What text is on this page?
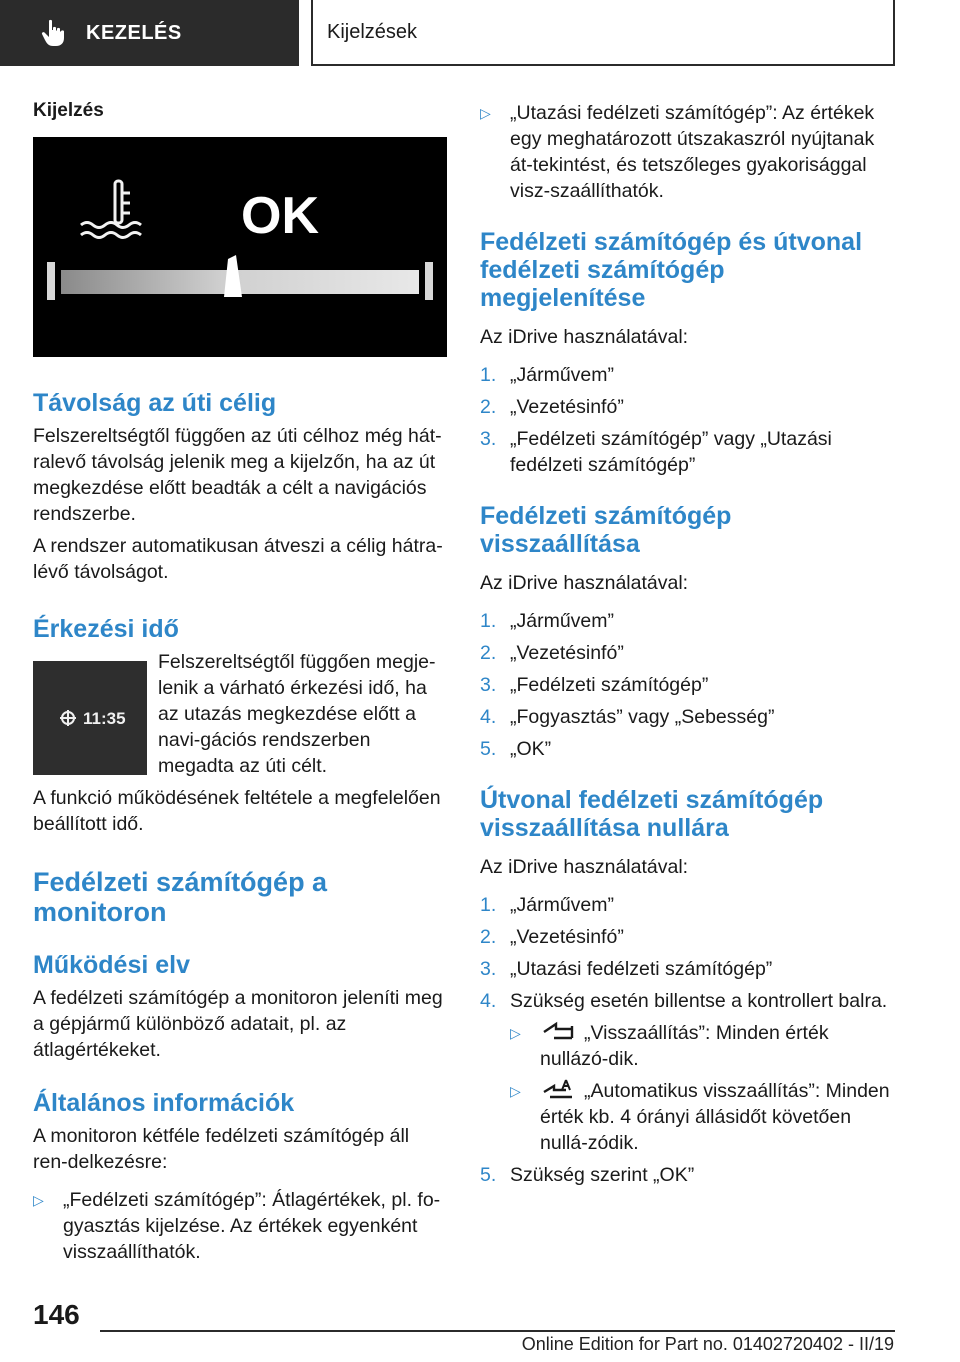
KEZELÉS	Kijelzések
Kijelzés
OK
Távolság az úti célig

Felszereltségtől függően az úti célhoz még hát-ralevő távolság jelenik meg a kijelzőn, ha az út megkezdése előtt beadták a célt a navigációs rendszerbe.

A rendszer automatikusan átveszi a célig hátra-lévő távolságot.

Érkezési idő
11:35

Felszereltségtől függően megje-lenik a várható érkezési idő, ha az utazás megkezdése előtt a navi-gációs rendszerben megadta az úti célt.

A funkció működésének feltétele a megfelelően beállított idő.

Fedélzeti számítógép a monitoron
Működési elv

A fedélzeti számítógép a monitoron jeleníti meg a gépjármű különböző adatait, pl. az átlagértékeket.

Általános információk

A monitoron kétféle fedélzeti számítógép áll ren-delkezésre:

▷ „Fedélzeti számítógép”: Átlagértékek, pl. fo-gyasztás kijelzése. Az értékek egyenként visszaállíthatók.
▷ „Utazási fedélzeti számítógép”: Az értékek egy meghatározott útszakaszról nyújtanak át-tekintést, és tetszőleges gyakorisággal visz-szaállíthatók.
Fedélzeti számítógép és útvonal fedélzeti számítógép megjelenítése

Az iDrive használatával:

1. „Járművem”
2. „Vezetésinfó”
3. „Fedélzeti számítógép” vagy „Utazási fedélzeti számítógép”
Fedélzeti számítógép visszaállítása

Az iDrive használatával:

1. „Járművem”
2. „Vezetésinfó”
3. „Fedélzeti számítógép”
4. „Fogyasztás” vagy „Sebesség”
5. „OK”
Útvonal fedélzeti számítógép visszaállítása nullára

Az iDrive használatával:

1. „Járművem”
2. „Vezetésinfó”
3. „Utazási fedélzeti számítógép”
4. Szükség esetén billentse a kontrollert balra.
▷	„Visszaállítás”: Minden érték nullázó-dik.
▷	„Automatikus visszaállítás”: Minden érték kb. 4 órányi állásidőt követően nullá-zódik.
5. Szükség szerint „OK”
146
Online Edition for Part no. 01402720402 - II/19
